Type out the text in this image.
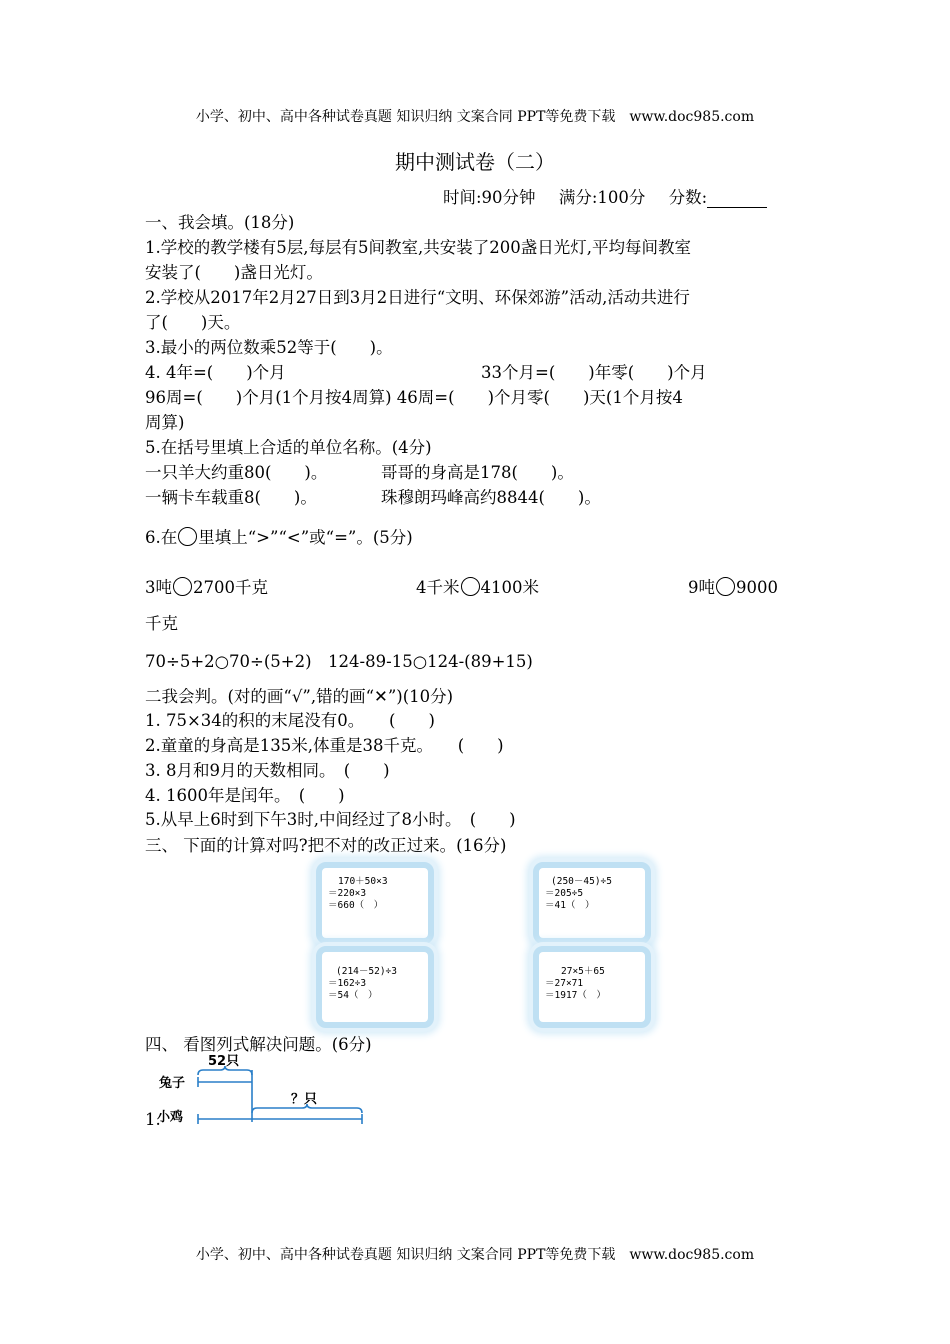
小学、初中、高中各种试卷真题 知识归纳 文案合同 PPT等免费下载　www.doc985.com
期中测试卷（二）
时间:90分钟 满分:100分 分数:
一、我会填。(18分)
1.学校的教学楼有5层,每层有5间教室,共安装了200盏日光灯,平均每间教室
安装了(　　)盏日光灯。
2.学校从2017年2月27日到3月2日进行“文明、环保郊游”活动,活动共进行
了(　　)天。
3.最小的两位数乘52等于(　　)。
4. 4年=(　　)个月	33个月=(　　)年零(　　)个月
96周=(　　)个月(1个月按4周算) 46周=(　　)个月零(　　)天(1个月按4
周算)
5.在括号里填上合适的单位名称。(4分)
一只羊大约重80(　　)。	哥哥的身高是178(　　)。
一辆卡车载重8(　　)。	珠穆朗玛峰高约8844(　　)。
6.在 里填上“>”“<”或“=”。(5分)
3吨 2700千克	4千米 4100米	9吨 9000
千克
70÷5+2○70÷(5+2)　124-89-15○124-(89+15)
二我会判。(对的画“√”,错的画“✕”)(10分)
1. 75×34的积的末尾没有0。　　(　　)
2.童童的身高是135米,体重是38千克。　　(　　)
3. 8月和9月的天数相同。　(　　)
4. 1600年是闰年。　(　　)
5.从早上6时到下午3时,中间经过了8小时。　(　　)
三、 下面的计算对吗?把不对的改正过来。(16分)
170＋50×3
＝220×3
＝660（　）
(250－45)÷5
＝205÷5
＝41（　）
(214－52)÷3
＝162÷3
＝54（　）
27×5＋65
＝27×71
＝1917（　）
四、 看图列式解决问题。(6分)
1.
52只
兔子
？只
小鸡
小学、初中、高中各种试卷真题 知识归纳 文案合同 PPT等免费下载　www.doc985.com
